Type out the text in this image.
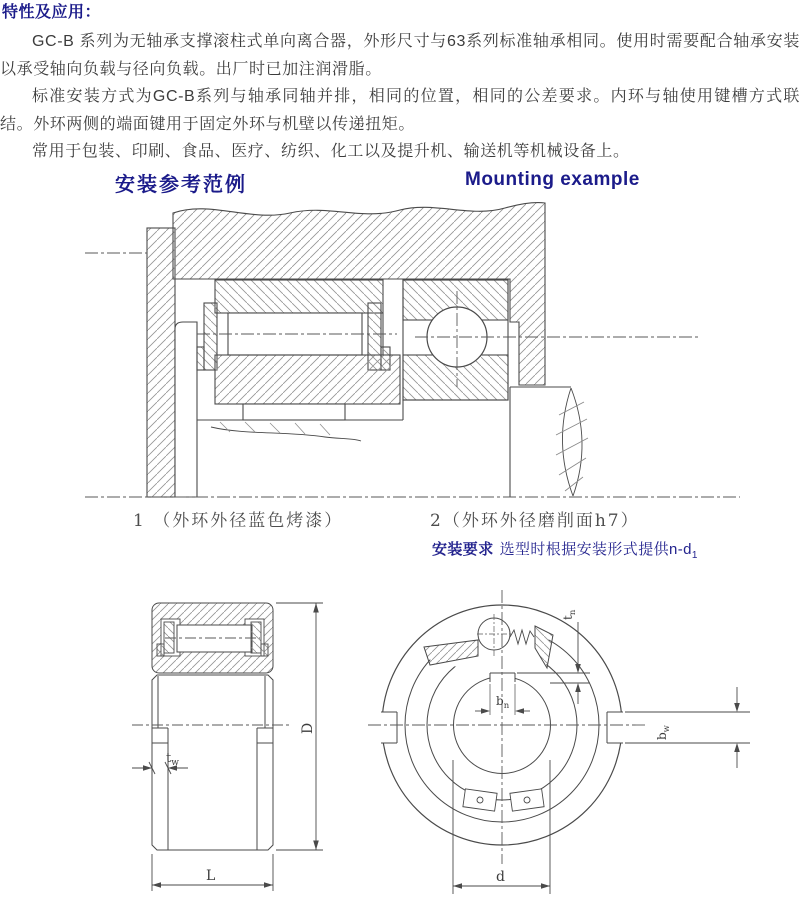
特性及应用：

GC-B 系列为无轴承支撑滚柱式单向离合器，外形尺寸与63系列标准轴承相同。使用时需要配合轴承安装以承受轴向负载与径向负载。出厂时已加注润滑脂。

标准安装方式为GC-B系列与轴承同轴并排，相同的位置，相同的公差要求。内环与轴使用键槽方式联结。外环两侧的端面键用于固定外环与机壁以传递扭矩。

常用于包装、印刷、食品、医疗、纺织、化工以及提升机、输送机等机械设备上。

安装参考范例	Mounting example
1 （外环外径蓝色烤漆）	2（外环外径磨削面h7）
安装要求 选型时根据安装形式提供$n-d_1$
$t_w$
D
L
$b_n$
$t_n$
$b_w$
d
